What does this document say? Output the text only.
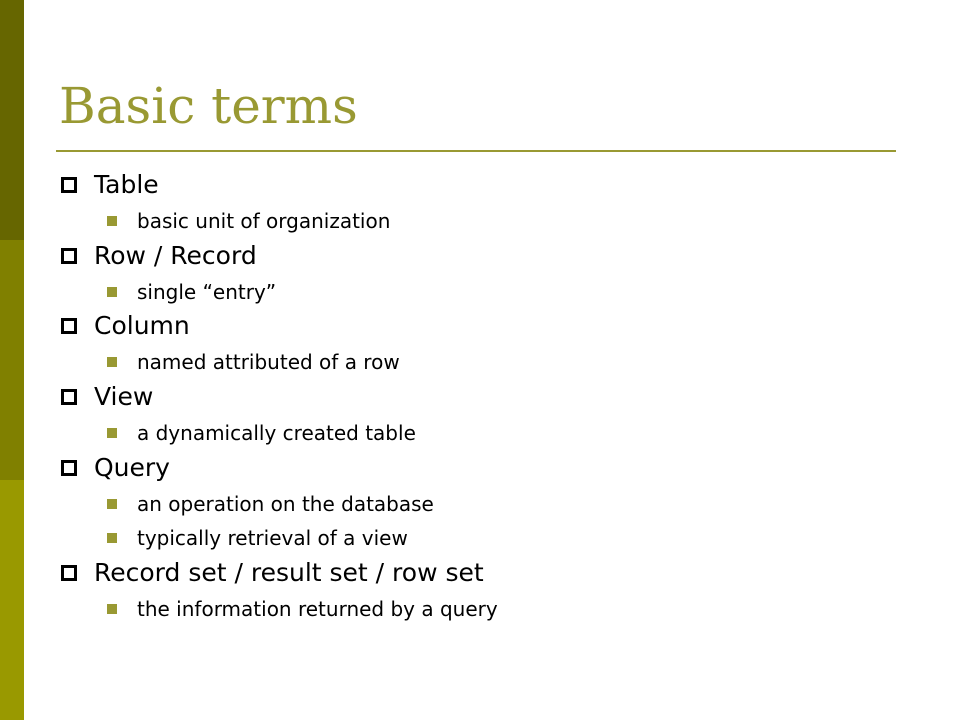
Basic terms
Table
Row / Record
Column
View
Query
Record set / result set / row set
basic unit of organization
single “entry”
named attributed of a row
a dynamically created table
an operation on the database
typically retrieval of a view
the information returned by a query
